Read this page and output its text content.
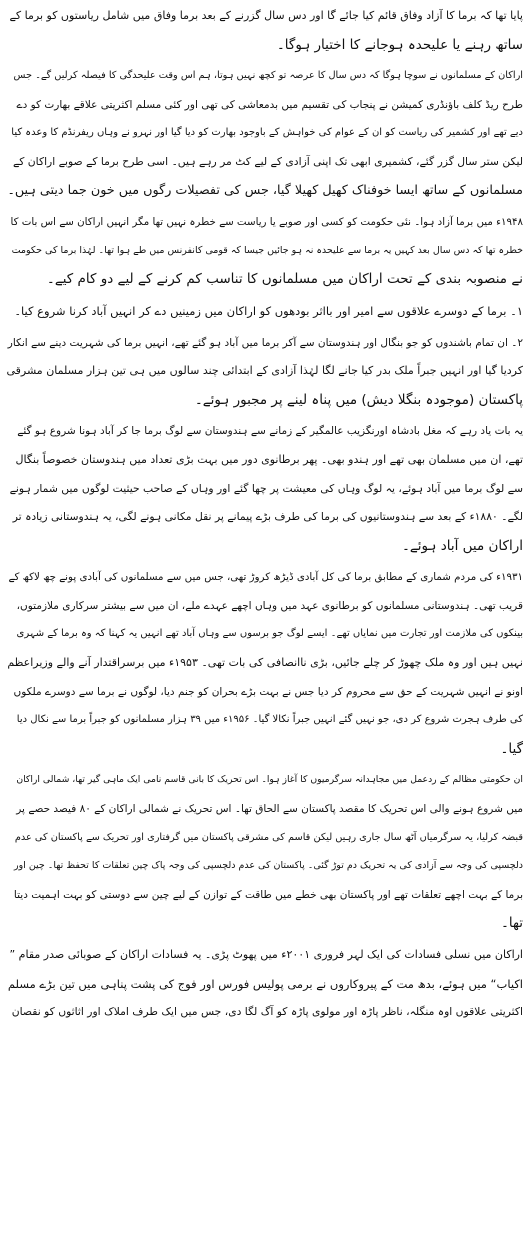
پایا تھا کہ برما کا آزاد وفاق قائم کیا جائے گا اور دس سال گزرنے کے بعد برما وفاق میں شامل ریاستوں کو برما کے
ساتھ رہنے یا علیحدہ ہوجانے کا اختیار ہوگا۔
اراکان کے مسلمانوں نے سوچا ہوگا کہ دس سال کا عرصہ تو کچھ نہیں ہوتا، ہم اس وقت علیحدگی کا فیصلہ کرلیں گے۔ جس
طرح ریڈ کلف باؤنڈری کمیشن نے پنجاب کی تقسیم میں بدمعاشی کی تھی اور کئی مسلم اکثریتی علاقے بھارت کو دے
دیے تھے اور کشمیر کی ریاست کو ان کے عوام کی خواہش کے باوجود بھارت کو دیا گیا اور نہرو نے وہاں ریفرنڈم کا وعدہ کیا
لیکن ستر سال گزر گئے، کشمیری ابھی تک اپنی آزادی کے لیے کٹ مر رہے ہیں۔ اسی طرح برما کے صوبے اراکان کے
مسلمانوں کے ساتھ ایسا خوفناک کھیل کھیلا گیا، جس کی تفصیلات رگوں میں خون جما دیتی ہیں۔
۱۹۴۸ء میں برما آزاد ہوا۔ نئی حکومت کو کسی اور صوبے یا ریاست سے خطرہ نہیں تھا مگر انہیں اراکان سے اس بات کا
خطرہ تھا کہ دس سال بعد کہیں یہ برما سے علیحدہ نہ ہو جائیں جیسا کہ قومی کانفرنس میں طے ہوا تھا۔ لہٰذا برما کی حکومت
نے منصوبہ بندی کے تحت اراکان میں مسلمانوں کا تناسب کم کرنے کے لیے دو کام کیے۔
۱۔ برما کے دوسرے علاقوں سے امیر اور بااثر بودھوں کو اراکان میں زمینیں دے کر انہیں آباد کرنا شروع کیا۔
۲۔ ان تمام باشندوں کو جو بنگال اور ہندوستان سے آکر برما میں آباد ہو گئے تھے، انہیں برما کی شہریت دینے سے انکار
کردیا گیا اور انہیں جبراً ملک بدر کیا جانے لگا لہٰذا آزادی کے ابتدائی چند سالوں میں ہی تین ہزار مسلمان مشرقی
پاکستان (موجودہ بنگلا دیش) میں پناہ لینے پر مجبور ہوئے۔
یہ بات یاد رہے کہ مغل بادشاہ اورنگزیب عالمگیر کے زمانے سے ہندوستان سے لوگ برما جا کر آباد ہونا شروع ہو گئے
تھے، ان میں مسلمان بھی تھے اور ہندو بھی۔ پھر برطانوی دور میں بہت بڑی تعداد میں ہندوستان خصوصاً بنگال
سے لوگ برما میں آباد ہوئے، یہ لوگ وہاں کی معیشت پر چھا گئے اور وہاں کے صاحب حیثیت لوگوں میں شمار ہونے
لگے۔ ۱۸۸۰ء کے بعد سے ہندوستانیوں کی برما کی طرف بڑے پیمانے پر نقل مکانی ہونے لگی، یہ ہندوستانی زیادہ تر
اراکان میں آباد ہوئے۔
۱۹۳۱ء کی مردم شماری کے مطابق برما کی کل آبادی ڈیڑھ کروڑ تھی، جس میں سے مسلمانوں کی آبادی پونے چھ لاکھ کے
قریب تھی۔ ہندوستانی مسلمانوں کو برطانوی عہد میں وہاں اچھے عہدے ملے، ان میں سے بیشتر سرکاری ملازمتوں،
بینکوں کی ملازمت اور تجارت میں نمایاں تھے۔ ایسے لوگ جو برسوں سے وہاں آباد تھے انہیں یہ کہنا کہ وہ برما کے شہری
نہیں ہیں اور وہ ملک چھوڑ کر چلے جائیں، بڑی ناانصافی کی بات تھی۔ ۱۹۵۳ء میں برسراقتدار آنے والے وزیراعظم
اونو نے انہیں شہریت کے حق سے محروم کر دیا جس نے بہت بڑے بحران کو جنم دیا، لوگوں نے برما سے دوسرے ملکوں
کی طرف ہجرت شروع کر دی، جو نہیں گئے انہیں جبراً نکالا گیا۔ ۱۹۵۶ء میں ۳۹ ہزار مسلمانوں کو جبراً برما سے نکال دیا
گیا۔
ان حکومتی مظالم کے ردعمل میں مجاہدانہ سرگرمیوں کا آغاز ہوا۔ اس تحریک کا بانی قاسم نامی ایک ماہی گیر تھا، شمالی اراکان
میں شروع ہونے والی اس تحریک کا مقصد پاکستان سے الحاق تھا۔ اس تحریک نے شمالی اراکان کے ۸۰ فیصد حصے پر
قبضہ کرلیا، یہ سرگرمیاں آٹھ سال جاری رہیں لیکن قاسم کی مشرقی پاکستان میں گرفتاری اور تحریک سے پاکستان کی عدم
دلچسپی کی وجہ سے آزادی کی یہ تحریک دم توڑ گئی۔ پاکستان کی عدم دلچسپی کی وجہ پاک چین تعلقات کا تحفظ تھا۔ چین اور
برما کے بہت اچھے تعلقات تھے اور پاکستان بھی خطے میں طاقت کے توازن کے لیے چین سے دوستی کو بہت اہمیت دیتا
تھا۔
اراکان میں نسلی فسادات کی ایک لہر فروری ۲۰۰۱ء میں پھوٹ پڑی۔ یہ فسادات اراکان کے صوبائی صدر مقام ”
اکیاب“ میں ہوئے، بدھ مت کے پیروکاروں نے برمی پولیس فورس اور فوج کی پشت پناہی میں تین بڑے مسلم
اکثریتی علاقوں اوہ منگلہ، ناظر پاڑہ اور مولوی پاڑہ کو آگ لگا دی، جس میں ایک طرف املاک اور اثاثوں کو نقصان
